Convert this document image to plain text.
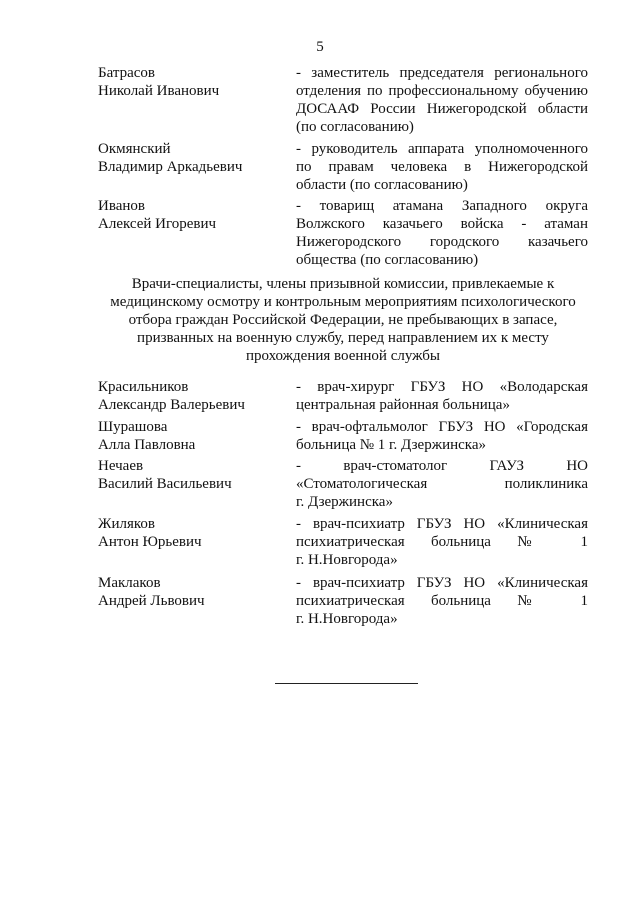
5
Батрасов
Николай Иванович
- заместитель председателя регионального
отделения по профессиональному обучению
ДОСААФ России Нижегородской области
(по согласованию)
Окмянский
Владимир Аркадьевич
- руководитель аппарата уполномоченного
по правам человека в Нижегородской
области (по согласованию)
Иванов
Алексей Игоревич
- товарищ атамана Западного округа
Волжского казачьего войска - атаман
Нижегородского городского казачьего
общества (по согласованию)
Врачи-специалисты, члены призывной комиссии, привлекаемые к
медицинскому осмотру и контрольным мероприятиям психологического
отбора граждан Российской Федерации, не пребывающих в запасе,
призванных на военную службу, перед направлением их к месту
прохождения военной службы
Красильников
Александр Валерьевич
- врач-хирург ГБУЗ НО «Володарская
центральная районная больница»
Шурашова
Алла Павловна
- врач-офтальмолог ГБУЗ НО «Городская
больница № 1 г. Дзержинска»
Нечаев
Василий Васильевич
- врач-стоматолог ГАУЗ НО
«Стоматологическая поликлиника
г. Дзержинска»
Жиляков
Антон Юрьевич
- врач-психиатр ГБУЗ НО «Клиническая
психиатрическая больница № 1
г. Н.Новгорода»
Маклаков
Андрей Львович
- врач-психиатр ГБУЗ НО «Клиническая
психиатрическая больница № 1
г. Н.Новгорода»
